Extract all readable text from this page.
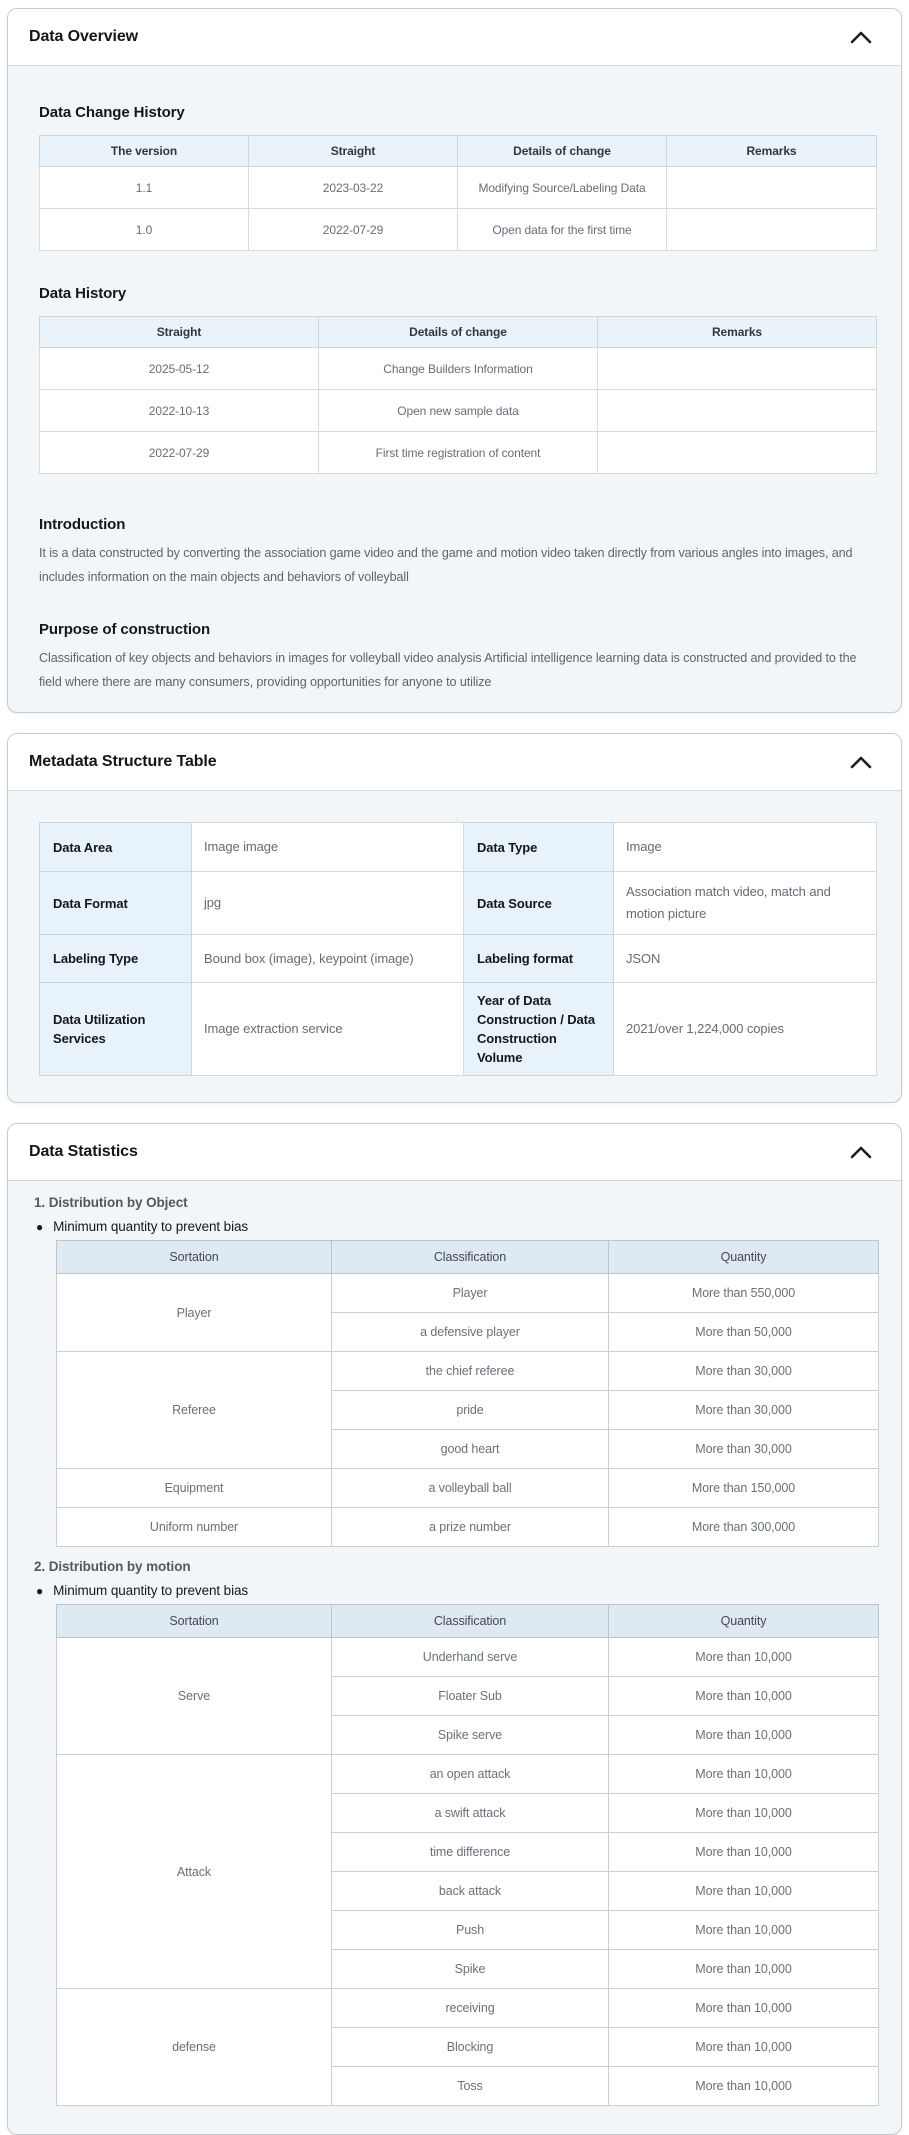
Data Overview
Data Change History
The version	Straight	Details of change	Remarks
1.1	2023-03-22	Modifying Source/Labeling Data	
1.0	2022-07-29	Open data for the first time	
Data History
Straight	Details of change	Remarks
2025-05-12	Change Builders Information	
2022-10-13	Open new sample data	
2022-07-29	First time registration of content	
Introduction

It is a data constructed by converting the association game video and the game and motion video taken directly from various angles into images, and includes information on the main objects and behaviors of volleyball

Purpose of construction

Classification of key objects and behaviors in images for volleyball video analysis Artificial intelligence learning data is constructed and provided to the field where there are many consumers, providing opportunities for anyone to utilize

Metadata Structure Table
Data Area	Image image	Data Type	Image
Data Format	jpg	Data Source	Association match video, match and motion picture
Labeling Type	Bound box (image), keypoint (image)	Labeling format	JSON
Data Utilization Services	Image extraction service	Year of Data Construction / Data Construction Volume	2021/over 1,224,000 copies
Data Statistics
1. Distribution by Object
● Minimum quantity to prevent bias
Sortation	Classification	Quantity
Player	Player	More than 550,000
	a defensive player	More than 50,000
Referee	the chief referee	More than 30,000
	pride	More than 30,000
	good heart	More than 30,000
Equipment	a volleyball ball	More than 150,000
Uniform number	a prize number	More than 300,000
2. Distribution by motion
● Minimum quantity to prevent bias
Sortation	Classification	Quantity
Serve	Underhand serve	More than 10,000
	Floater Sub	More than 10,000
	Spike serve	More than 10,000
Attack	an open attack	More than 10,000
	a swift attack	More than 10,000
	time difference	More than 10,000
	back attack	More than 10,000
	Push	More than 10,000
	Spike	More than 10,000
defense	receiving	More than 10,000
	Blocking	More than 10,000
	Toss	More than 10,000
